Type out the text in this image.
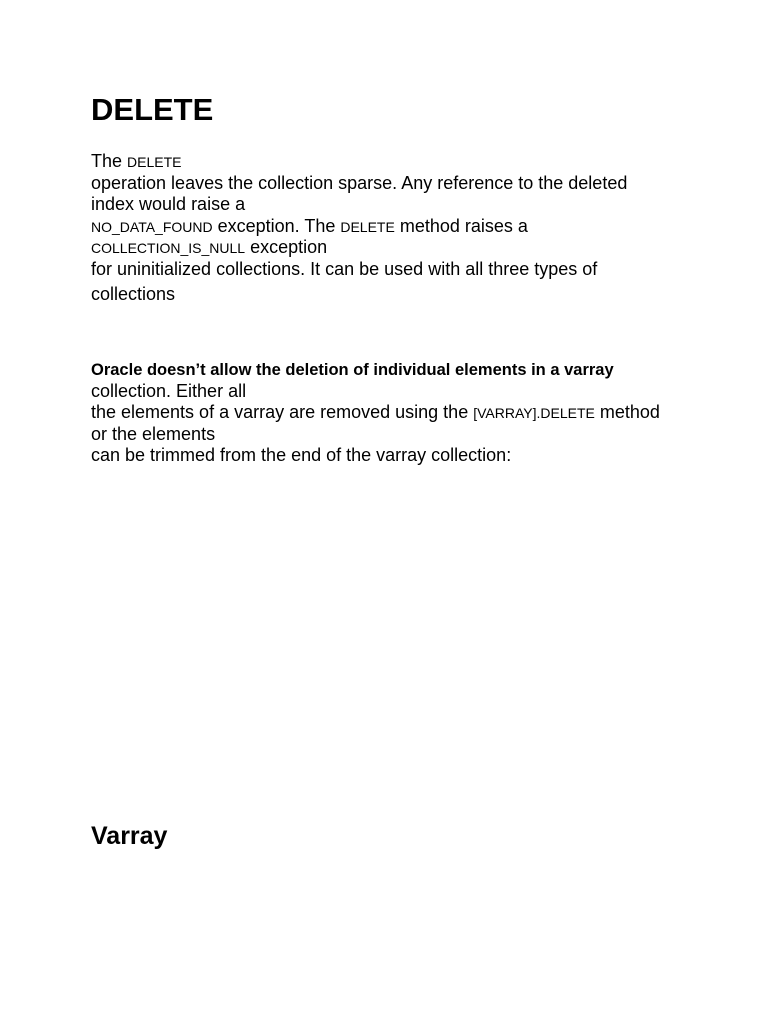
DELETE
The DELETE
operation leaves the collection sparse. Any reference to the deleted
index would raise a
NO_DATA_FOUND exception. The DELETE method raises a
COLLECTION_IS_NULL exception
for uninitialized collections. It can be used with all three types of
collections
Oracle doesn’t allow the deletion of individual elements in a varray
collection. Either all
the elements of a varray are removed using the [VARRAY].DELETE method
or the elements
can be trimmed from the end of the varray collection:
Varray
